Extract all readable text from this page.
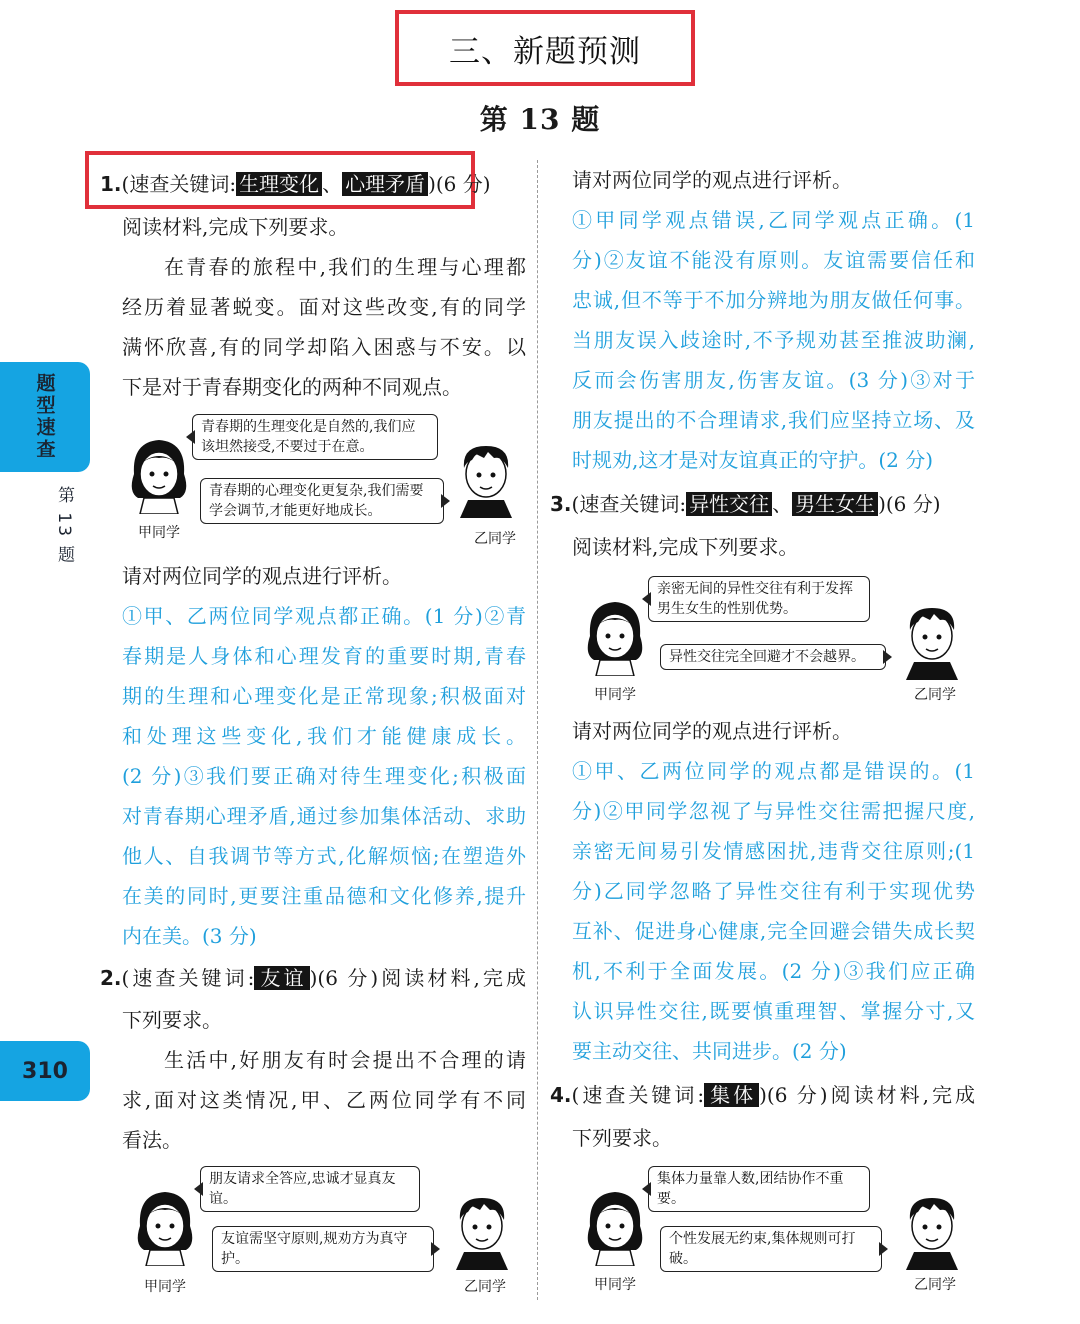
三、新题预测
第 13 题
题型速查
第 13 题
310
1.(速查关键词: 生理变化 、 心理矛盾 )(6 分)
阅读材料,完成下列要求。
在青春的旅程中,我们的生理与心理都
经历着显著蜕变。面对这些改变,有的同学
满怀欣喜,有的同学却陷入困惑与不安。以
下是对于青春期变化的两种不同观点。
青春期的生理变化是自然的,我们应该坦然接受,不要过于在意。
青春期的心理变化更复杂,我们需要学会调节,才能更好地成长。
甲同学	乙同学
请对两位同学的观点进行评析。
①甲、乙两位同学观点都正确。(1 分)②青
春期是人身体和心理发育的重要时期,青春
期的生理和心理变化是正常现象;积极面对
和处理这些变化,我们才能健康成长。
(2 分)③我们要正确对待生理变化;积极面
对青春期心理矛盾,通过参加集体活动、求助
他人、自我调节等方式,化解烦恼;在塑造外
在美的同时,更要注重品德和文化修养,提升
内在美。(3 分)
2.(速查关键词: 友谊 )(6 分)阅读材料,完成
下列要求。
生活中,好朋友有时会提出不合理的请
求,面对这类情况,甲、乙两位同学有不同
看法。
朋友请求全答应,忠诚才显真友谊。
友谊需坚守原则,规劝方为真守护。
甲同学	乙同学
请对两位同学的观点进行评析。
①甲同学观点错误,乙同学观点正确。(1
分)②友谊不能没有原则。友谊需要信任和
忠诚,但不等于不加分辨地为朋友做任何事。
当朋友误入歧途时,不予规劝甚至推波助澜,
反而会伤害朋友,伤害友谊。(3 分)③对于
朋友提出的不合理请求,我们应坚持立场、及
时规劝,这才是对友谊真正的守护。(2 分)
3.(速查关键词: 异性交往 、 男生女生 )(6 分)
阅读材料,完成下列要求。
亲密无间的异性交往有利于发挥男生女生的性别优势。
异性交往完全回避才不会越界。
甲同学	乙同学
请对两位同学的观点进行评析。
①甲、乙两位同学的观点都是错误的。(1
分)②甲同学忽视了与异性交往需把握尺度,
亲密无间易引发情感困扰,违背交往原则;(1
分)乙同学忽略了异性交往有利于实现优势
互补、促进身心健康,完全回避会错失成长契
机,不利于全面发展。(2 分)③我们应正确
认识异性交往,既要慎重理智、掌握分寸,又
要主动交往、共同进步。(2 分)
4.(速查关键词: 集体 )(6 分)阅读材料,完成
下列要求。
集体力量靠人数,团结协作不重要。
个性发展无约束,集体规则可打破。
甲同学	乙同学
